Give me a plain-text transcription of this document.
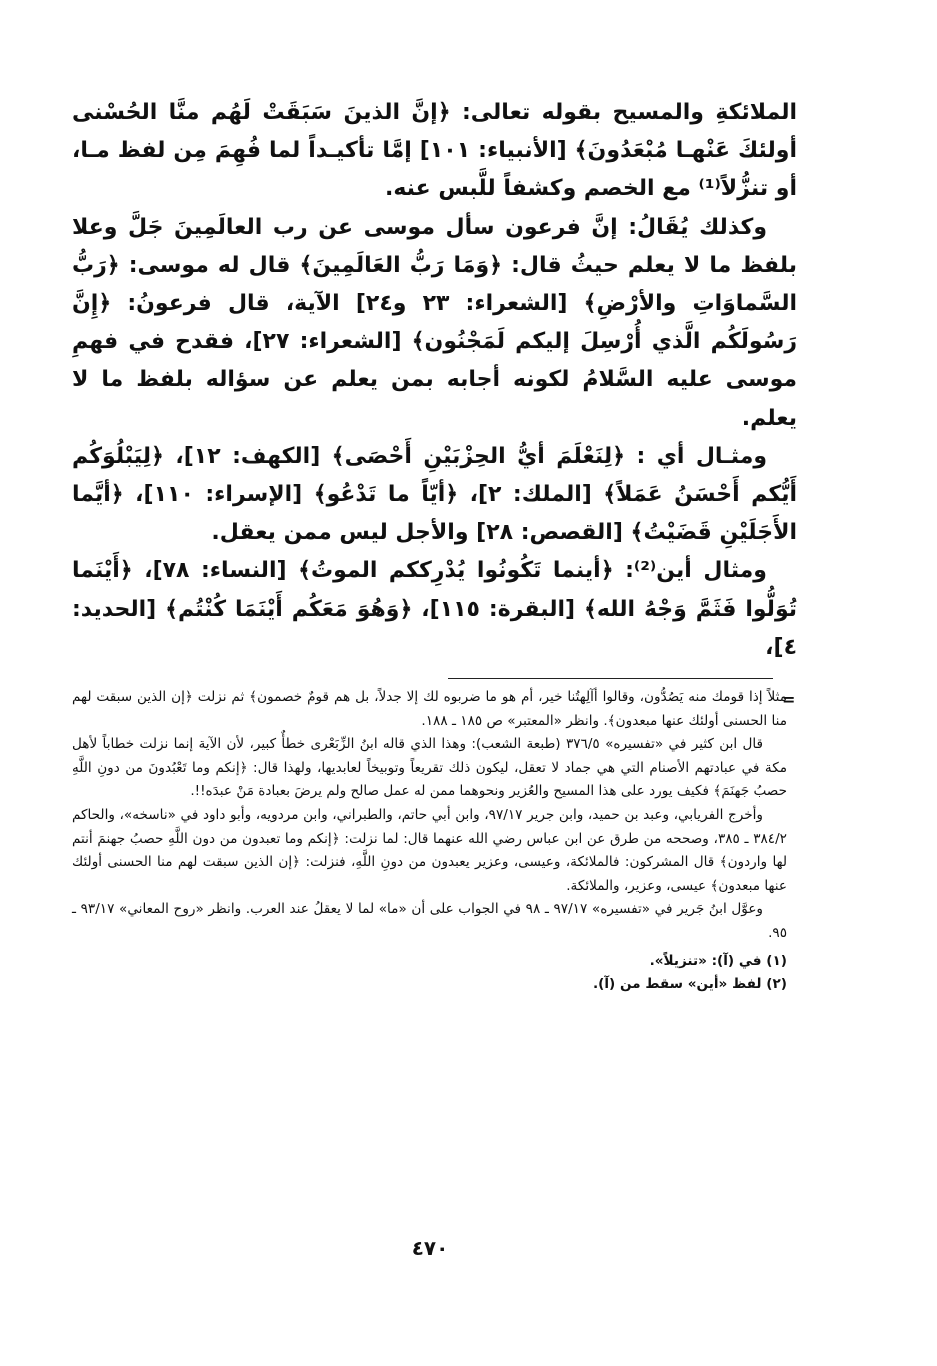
الملائكةِ والمسيح بقوله تعالى: ﴿إنَّ الذينَ سَبَقَتْ لَهُم منَّا الحُسْنى أولئكَ عَنْهـا مُبْعَدُونَ﴾ [الأنبياء: ١٠١] إمَّا تأكيـداً لما فُهِمَ مِن لفظ مـا، أو تنزُّلاً⁽¹⁾ مع الخصم وكشفاً للَّبس عنه.

وكذلك يُقَالُ: إنَّ فرعون سأل موسى عن رب العالَمِينَ جَلَّ وعلا بلفظ ما لا يعلم حيثُ قال: ﴿وَمَا رَبُّ العَالَمِينَ﴾ قال له موسى: ﴿رَبُّ السَّماوَاتِ والأرْضِ﴾ [الشعراء: ٢٣ و٢٤] الآية، قال فرعونُ: ﴿إِنَّ رَسُولَكُم الَّذي أُرْسِلَ إليكم لَمَجْنُون﴾ [الشعراء: ٢٧]، فقدح في فهمِ موسى عليه السَّلامُ لكونه أجابه بمن يعلم عن سؤاله بلفظ ما لا يعلم.

ومثـال أي : ﴿لِنَعْلَمَ أيُّ الحِزْبَيْنِ أَحْصَى﴾ [الكهف: ١٢]، ﴿لِيَبْلُوَكُم أَيُّكم أَحْسَنُ عَمَلاً﴾ [الملك: ٢]، ﴿أيّاً ما تَدْعُو﴾ [الإسراء: ١١٠]، ﴿أيَّما الأَجَلَيْنِ قَضَيْتُ﴾ [القصص: ٢٨] والأجل ليس ممن يعقل.

ومثال أين⁽²⁾: ﴿أينما تَكُونُوا يُدْرِككم الموتُ﴾ [النساء: ٧٨]، ﴿أَيْنَما تُوَلُّوا فَثَمَّ وَجْهُ الله﴾ [البقرة: ١١٥]، ﴿وَهُوَ مَعَكُم أَيْنَمَا كُنْتُم﴾ [الحديد: ٤]،

=

مثلاً إذا قومك منه يَصُدُّون، وقالوا أآلِهتُنا خير، أم هو ما ضربوه لك إلا جدلاً، بل هم قومٌ خصمون﴾ ثم نزلت ﴿إن الذين سبقت لهم منا الحسنى أولئك عنها مبعدون﴾. وانظر «المعتبر» ص ١٨٥ ـ ١٨٨.

قال ابن كثير في «تفسيره» ٣٧٦/٥ (طبعة الشعب): وهذا الذي قاله ابنُ الزِّبَعْرى خطأٌ كبير، لأن الآية إنما نزلت خطاباً لأهل مكة في عبادتهم الأصنام التي هي جماد لا تعقل، ليكون ذلك تقريعاً وتوبيخاً لعابديها، ولهذا قال: ﴿إنكم وما تَعْبُدونَ من دونِ اللَّهِ حصبُ جَهنَمَ﴾ فكيف يورد على هذا المسيح والعُزير ونحوهما ممن له عمل صالح ولم يرضَ بعبادة مَنْ عبدَه!!.

وأخرج الفريابي، وعبد بن حميد، وابن جرير ٩٧/١٧، وابن أبي حاتم، والطبراني، وابن مردويه، وأبو داود في «ناسخه»، والحاكم ٣٨٤/٢ ـ ٣٨٥، وصححه من طرق عن ابن عباس رضي الله عنهما قال: لما نزلت: ﴿إنكم وما تعبدون من دون اللَّهِ حصبُ جهنمَ أنتم لها واردون﴾ قال المشركون: فالملائكة، وعيسى، وعزير يعبدون من دونِ اللَّهِ، فنزلت: ﴿إن الذين سبقت لهم منا الحسنى أولئك عنها مبعدون﴾ عيسى، وعزير، والملائكة.

وعوَّل ابنُ جَرير في «تفسيره» ٩٧/١٧ ـ ٩٨ في الجواب على أن «ما» لما لا يعقلُ عند العرب. وانظر «روح المعاني» ٩٣/١٧ ـ ٩٥.

(١) في (آ): «تنزيلاً».

(٢) لفظ «أين» سقط من (آ).

٤٧٠
